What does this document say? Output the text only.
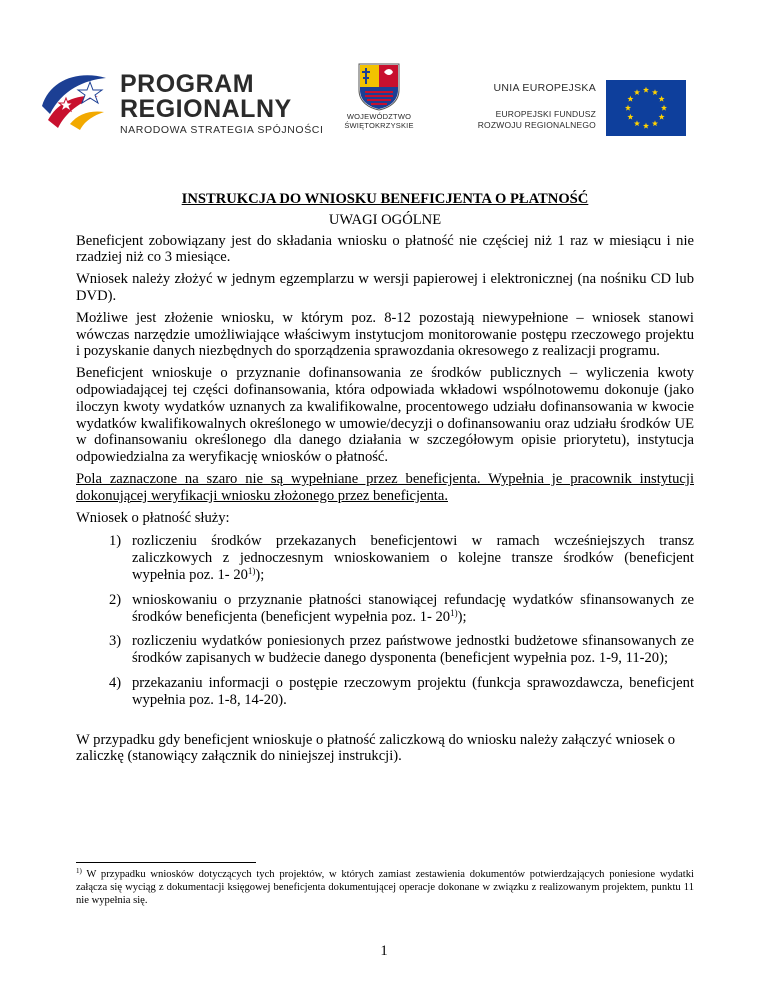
PROGRAM
REGIONALNY
NARODOWA STRATEGIA SPÓJNOŚCI
WOJEWÓDZTWO
ŚWIĘTOKRZYSKIE
UNIA EUROPEJSKA
EUROPEJSKI FUNDUSZ
ROZWOJU REGIONALNEGO

INSTRUKCJA DO WNIOSKU BENEFICJENTA O PŁATNOŚĆ

UWAGI OGÓLNE

Beneficjent zobowiązany jest do składania wniosku o płatność nie częściej niż 1 raz w miesiącu i nie rzadziej niż co 3 miesiące.

Wniosek należy złożyć w jednym egzemplarzu w wersji papierowej i elektronicznej (na nośniku CD lub DVD).

Możliwe jest złożenie wniosku, w którym poz. 8-12 pozostają niewypełnione – wniosek stanowi wówczas narzędzie umożliwiające właściwym instytucjom monitorowanie postępu rzeczowego projektu i pozyskanie danych niezbędnych do sporządzenia sprawozdania okresowego z realizacji programu.

Beneficjent wnioskuje o przyznanie dofinansowania ze środków publicznych – wyliczenia kwoty odpowiadającej tej części dofinansowania, która odpowiada wkładowi wspólnotowemu dokonuje (jako iloczyn kwoty wydatków uznanych za kwalifikowalne, procentowego udziału dofinansowania w kwocie wydatków kwalifikowalnych określonego w umowie/decyzji o dofinansowaniu oraz udziału środków UE w dofinansowaniu określonego dla danego działania w szczegółowym opisie priorytetu), instytucja odpowiedzialna za weryfikację wniosków o płatność.

Pola zaznaczone na szaro nie są wypełniane przez beneficjenta. Wypełnia je pracownik instytucji dokonującej weryfikacji wniosku złożonego przez beneficjenta.

Wniosek o płatność służy:

1) rozliczeniu środków przekazanych beneficjentowi w ramach wcześniejszych transz zaliczkowych z jednoczesnym wnioskowaniem o kolejne transze środków (beneficjent wypełnia poz. 1- 20$^{1)}$);
2) wnioskowaniu o przyznanie płatności stanowiącej refundację wydatków sfinansowanych ze środków beneficjenta (beneficjent wypełnia poz. 1- 20$^{1)}$);
3) rozliczeniu wydatków poniesionych przez państwowe jednostki budżetowe sfinansowanych ze środków zapisanych w budżecie danego dysponenta (beneficjent wypełnia poz. 1-9, 11-20);
4) przekazaniu informacji o postępie rzeczowym projektu (funkcja sprawozdawcza, beneficjent wypełnia poz. 1-8, 14-20).

W przypadku gdy beneficjent wnioskuje o płatność zaliczkową do wniosku należy załączyć wniosek o zaliczkę (stanowiący załącznik do niniejszej instrukcji).

$^{1)}$ W przypadku wniosków dotyczących tych projektów, w których zamiast zestawienia dokumentów potwierdzających poniesione wydatki załącza się wyciąg z dokumentacji księgowej beneficjenta dokumentującej operacje dokonane w związku z realizowanym projektem, punktu 11 nie wypełnia się.
1
